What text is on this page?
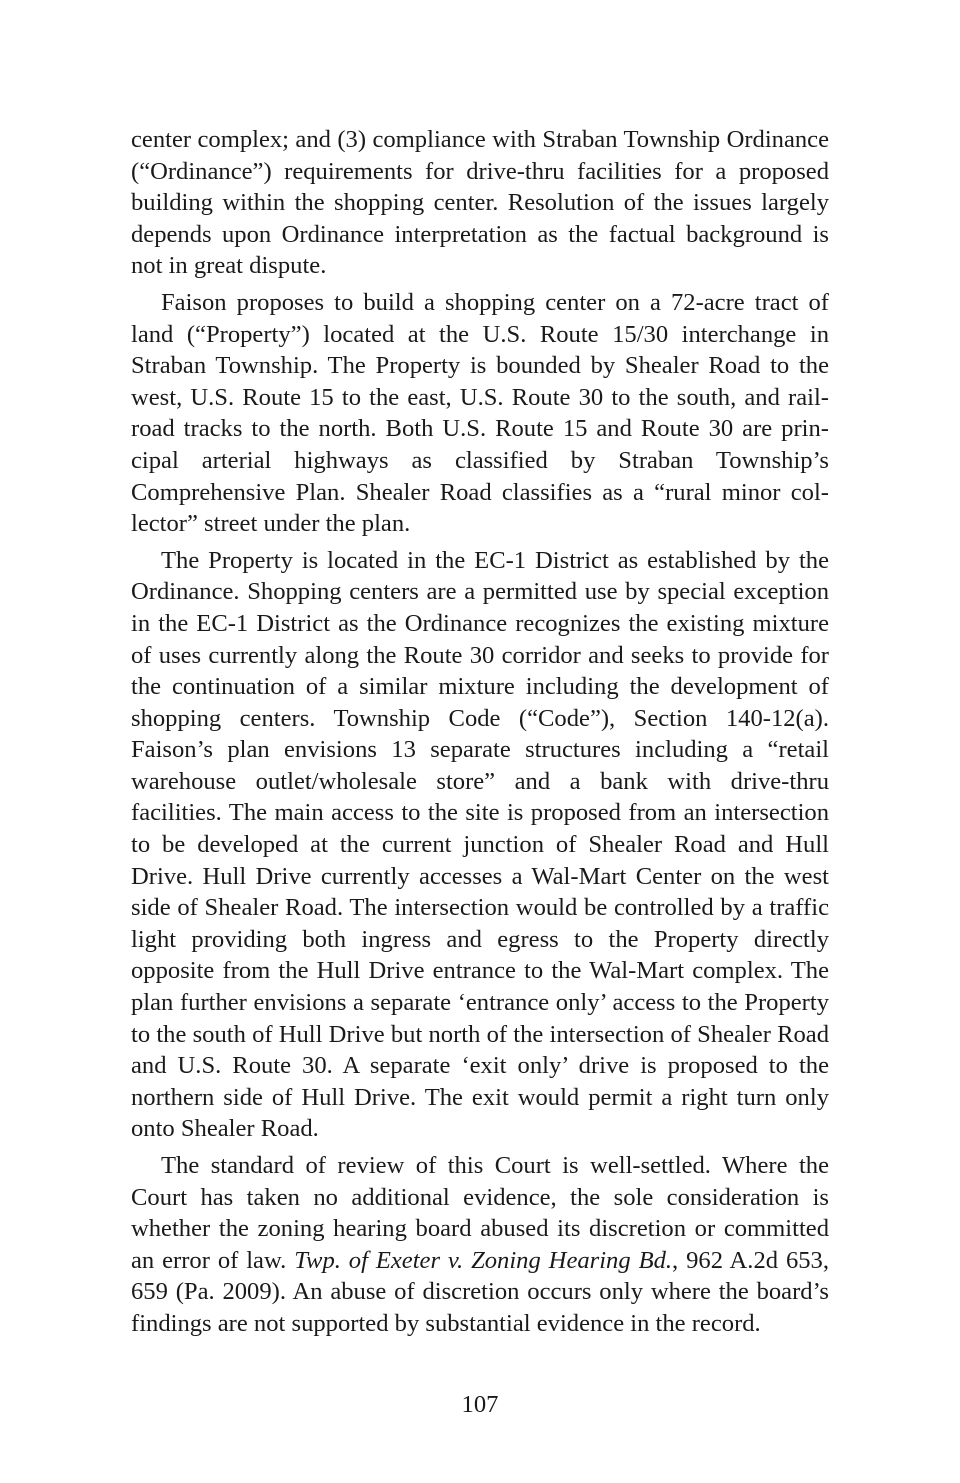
center complex; and (3) compliance with Straban Township Ordinance (“Ordinance”) requirements for drive-thru facilities for a proposed building within the shopping center. Resolution of the issues largely depends upon Ordinance interpretation as the factual background is not in great dispute.

Faison proposes to build a shopping center on a 72-acre tract of land (“Property”) located at the U.S. Route 15/30 interchange in Straban Township. The Property is bounded by Shealer Road to the west, U.S. Route 15 to the east, U.S. Route 30 to the south, and railroad tracks to the north. Both U.S. Route 15 and Route 30 are principal arterial highways as classified by Straban Township’s Comprehensive Plan. Shealer Road classifies as a “rural minor collector” street under the plan.

The Property is located in the EC-1 District as established by the Ordinance. Shopping centers are a permitted use by special exception in the EC-1 District as the Ordinance recognizes the existing mixture of uses currently along the Route 30 corridor and seeks to provide for the continuation of a similar mixture including the development of shopping centers. Township Code (“Code”), Section 140-12(a). Faison’s plan envisions 13 separate structures including a “retail warehouse outlet/wholesale store” and a bank with drive-thru facilities. The main access to the site is proposed from an intersection to be developed at the current junction of Shealer Road and Hull Drive. Hull Drive currently accesses a Wal-Mart Center on the west side of Shealer Road. The intersection would be controlled by a traffic light providing both ingress and egress to the Property directly opposite from the Hull Drive entrance to the Wal-Mart complex. The plan further envisions a separate ‘entrance only’ access to the Property to the south of Hull Drive but north of the intersection of Shealer Road and U.S. Route 30. A separate ‘exit only’ drive is proposed to the northern side of Hull Drive. The exit would permit a right turn only onto Shealer Road.

The standard of review of this Court is well-settled. Where the Court has taken no additional evidence, the sole consideration is whether the zoning hearing board abused its discretion or committed an error of law. Twp. of Exeter v. Zoning Hearing Bd., 962 A.2d 653, 659 (Pa. 2009). An abuse of discretion occurs only where the board’s findings are not supported by substantial evidence in the record.

107
